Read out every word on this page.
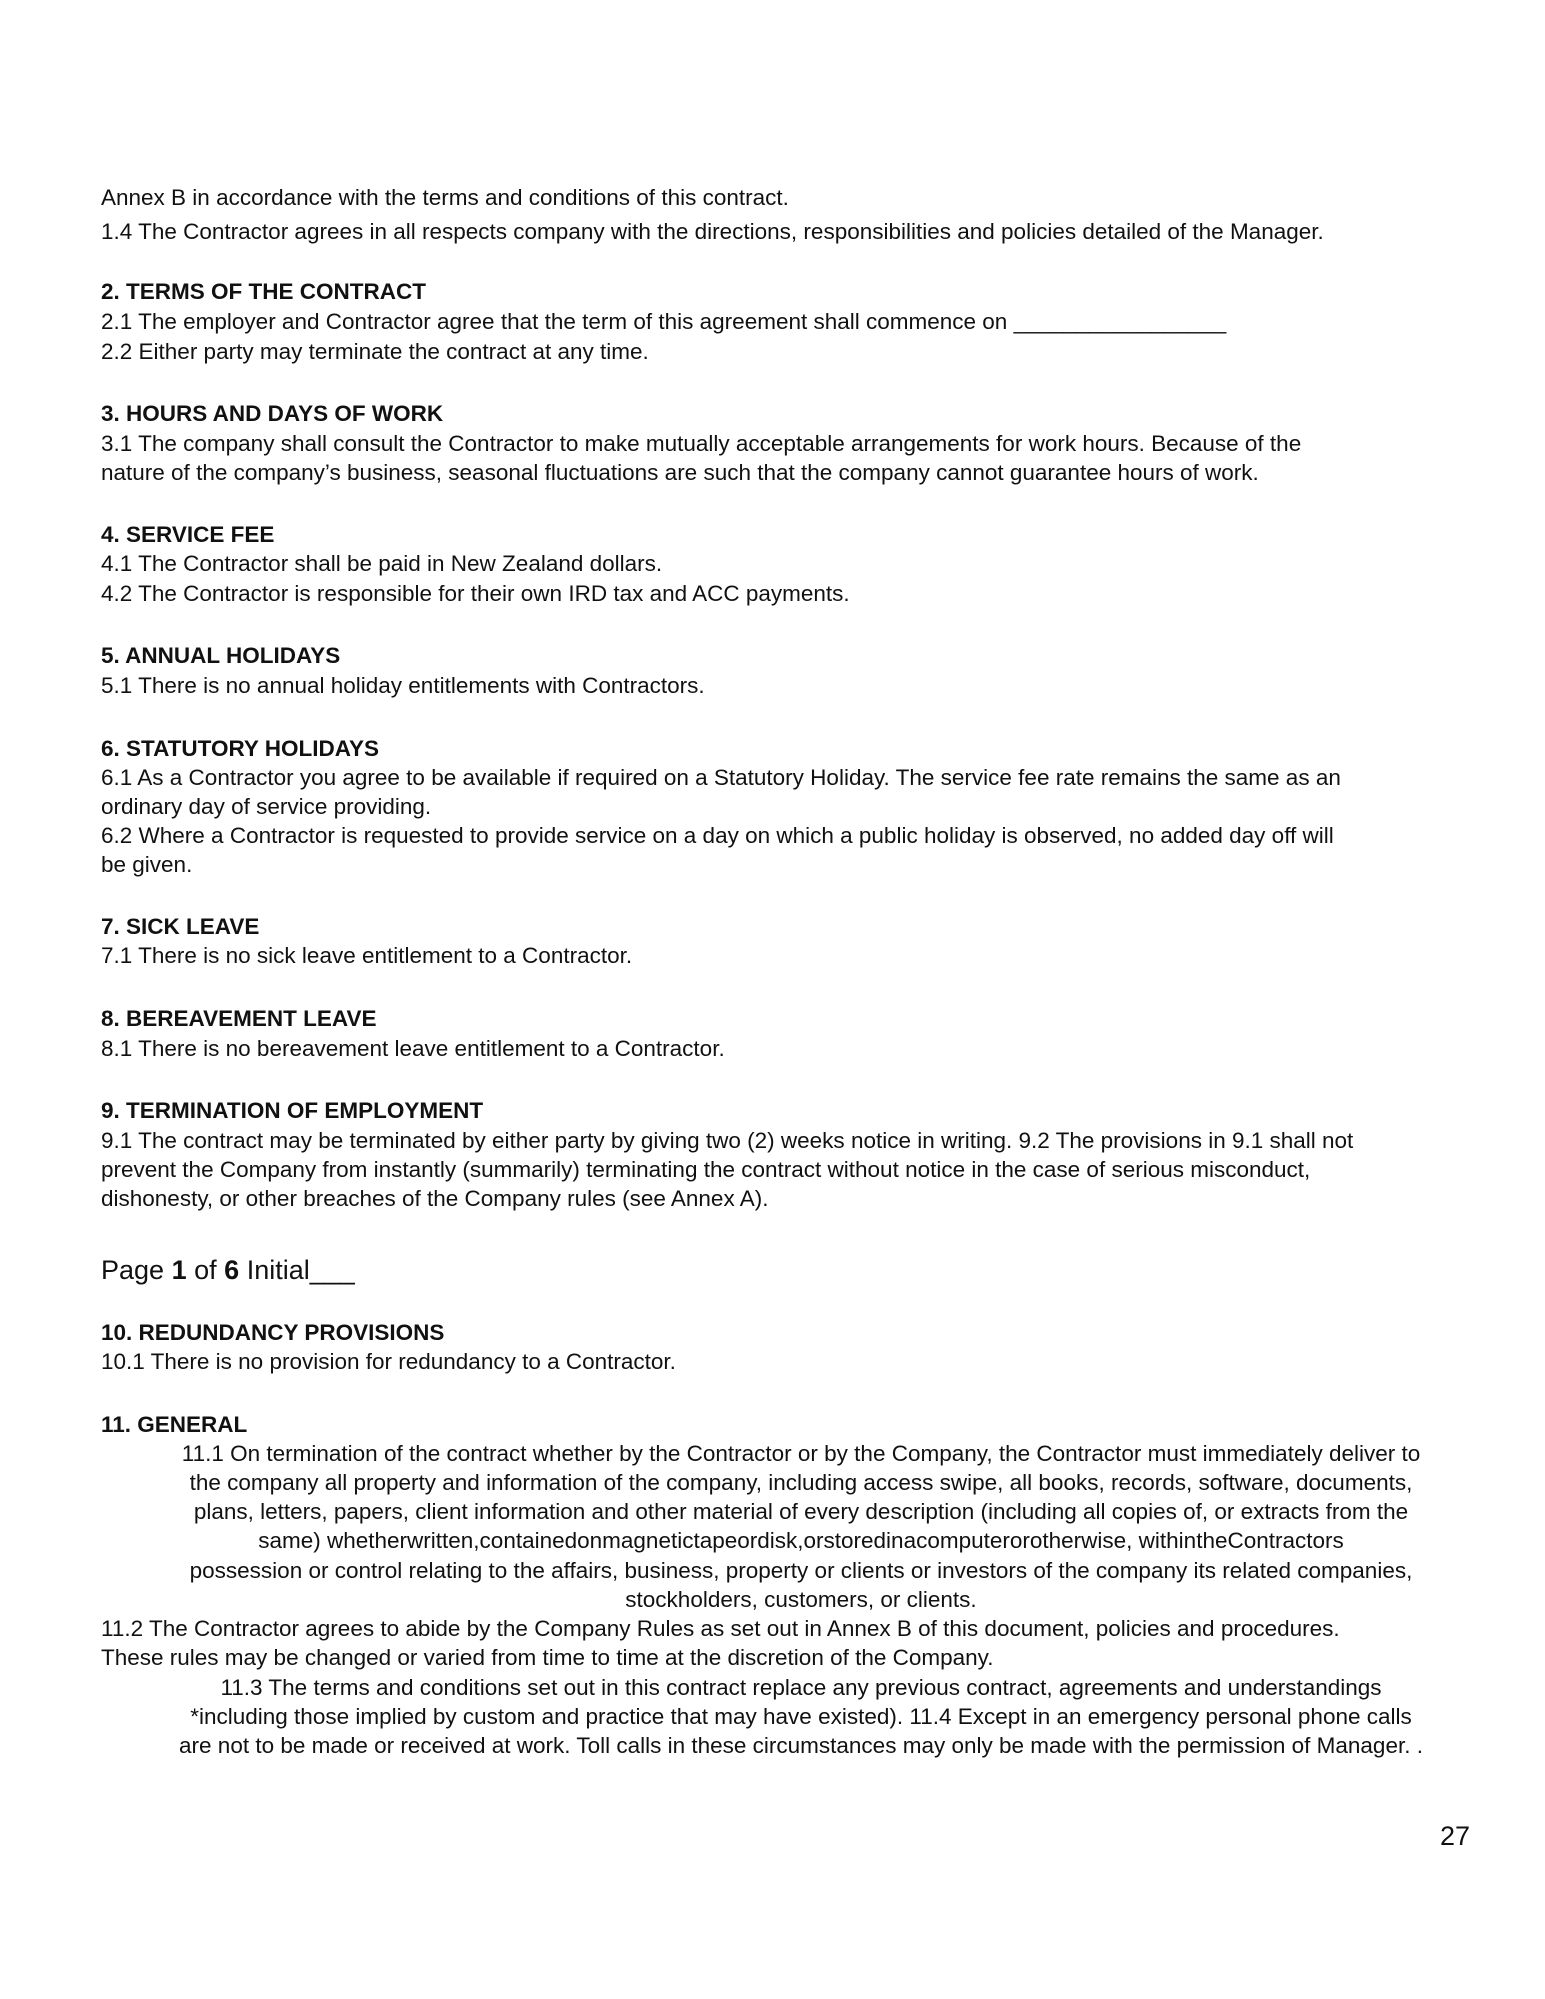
Annex B in accordance with the terms and conditions of this contract.
1.4 The Contractor agrees in all respects company with the directions, responsibilities and policies detailed of the Manager.
2. TERMS OF THE CONTRACT
2.1 The employer and Contractor agree that the term of this agreement shall commence on _________________
2.2 Either party may terminate the contract at any time.
3. HOURS AND DAYS OF WORK
3.1 The company shall consult the Contractor to make mutually acceptable arrangements for work hours. Because of the
nature of the company’s business, seasonal fluctuations are such that the company cannot guarantee hours of work.
4. SERVICE FEE
4.1 The Contractor shall be paid in New Zealand dollars.
4.2 The Contractor is responsible for their own IRD tax and ACC payments.
5. ANNUAL HOLIDAYS
5.1 There is no annual holiday entitlements with Contractors.
6. STATUTORY HOLIDAYS
6.1 As a Contractor you agree to be available if required on a Statutory Holiday. The service fee rate remains the same as an
ordinary day of service providing.
6.2 Where a Contractor is requested to provide service on a day on which a public holiday is observed, no added day off will
be given.
7. SICK LEAVE
7.1 There is no sick leave entitlement to a Contractor.
8. BEREAVEMENT LEAVE
8.1 There is no bereavement leave entitlement to a Contractor.
9. TERMINATION OF EMPLOYMENT
9.1 The contract may be terminated by either party by giving two (2) weeks notice in writing. 9.2 The provisions in 9.1 shall not
prevent the Company from instantly (summarily) terminating the contract without notice in the case of serious misconduct,
dishonesty, or other breaches of the Company rules (see Annex A).
Page 1 of 6 Initial___
10. REDUNDANCY PROVISIONS
10.1 There is no provision for redundancy to a Contractor.
11. GENERAL
11.1 On termination of the contract whether by the Contractor or by the Company, the Contractor must immediately deliver to
the company all property and information of the company, including access swipe, all books, records, software, documents,
plans, letters, papers, client information and other material of every description (including all copies of, or extracts from the
same) whetherwritten,containedonmagnetictapeordisk,orstoredinacomputerorotherwise, withintheContractors
possession or control relating to the affairs, business, property or clients or investors of the company its related companies,
stockholders, customers, or clients.
11.2 The Contractor agrees to abide by the Company Rules as set out in Annex B of this document, policies and procedures.
These rules may be changed or varied from time to time at the discretion of the Company.
11.3 The terms and conditions set out in this contract replace any previous contract, agreements and understandings
*including those implied by custom and practice that may have existed). 11.4 Except in an emergency personal phone calls
are not to be made or received at work. Toll calls in these circumstances may only be made with the permission of Manager. .
27
